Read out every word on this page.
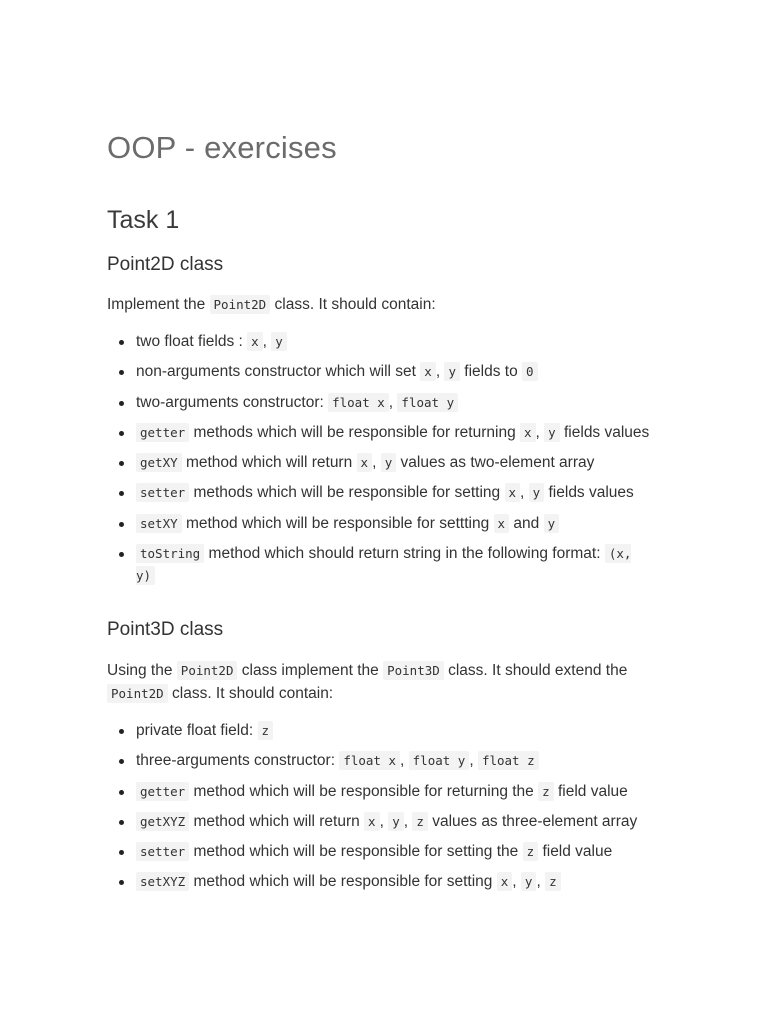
OOP - exercises
Task 1
Point2D class

Implement the Point2D class. It should contain:

two float fields : x , y
non-arguments constructor which will set x , y fields to 0
two-arguments constructor: float x , float y
getter methods which will be responsible for returning x , y fields values
getXY method which will return x , y values as two-element array
setter methods which will be responsible for setting x , y fields values
setXY method which will be responsible for settting x and y
toString method which should return string in the following format: (x, y)
Point3D class

Using the Point2D class implement the Point3D class. It should extend the Point2D class. It should contain:

private float field: z
three-arguments constructor: float x , float y , float z
getter method which will be responsible for returning the z field value
getXYZ method which will return x , y , z values as three-element array
setter method which will be responsible for setting the z field value
setXYZ method which will be responsible for setting x , y , z
